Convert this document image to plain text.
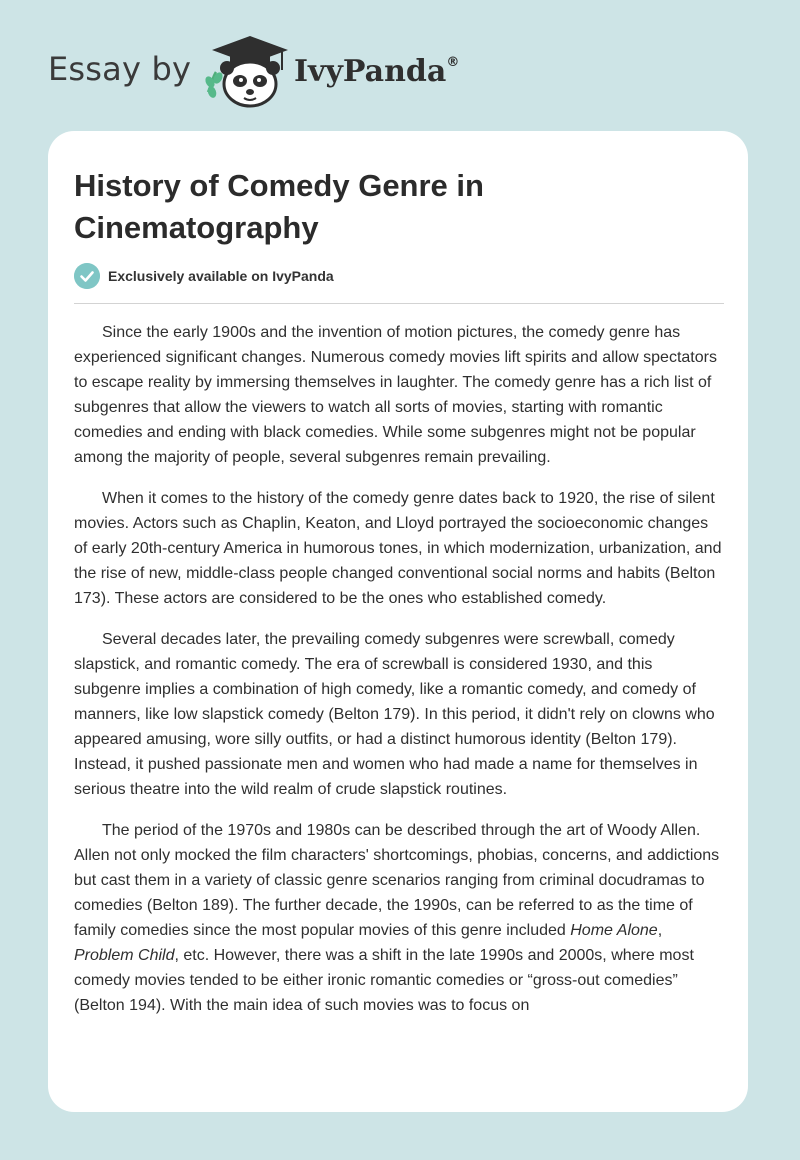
Essay by	IvyPanda®
History of Comedy Genre in Cinematography
Exclusively available on IvyPanda

Since the early 1900s and the invention of motion pictures, the comedy genre has experienced significant changes. Numerous comedy movies lift spirits and allow spectators to escape reality by immersing themselves in laughter. The comedy genre has a rich list of subgenres that allow the viewers to watch all sorts of movies, starting with romantic comedies and ending with black comedies. While some subgenres might not be popular among the majority of people, several subgenres remain prevailing.

When it comes to the history of the comedy genre dates back to 1920, the rise of silent movies. Actors such as Chaplin, Keaton, and Lloyd portrayed the socioeconomic changes of early 20th-century America in humorous tones, in which modernization, urbanization, and the rise of new, middle-class people changed conventional social norms and habits (Belton 173). These actors are considered to be the ones who established comedy.

Several decades later, the prevailing comedy subgenres were screwball, comedy slapstick, and romantic comedy. The era of screwball is considered 1930, and this subgenre implies a combination of high comedy, like a romantic comedy, and comedy of manners, like low slapstick comedy (Belton 179). In this period, it didn't rely on clowns who appeared amusing, wore silly outfits, or had a distinct humorous identity (Belton 179). Instead, it pushed passionate men and women who had made a name for themselves in serious theatre into the wild realm of crude slapstick routines.

The period of the 1970s and 1980s can be described through the art of Woody Allen. Allen not only mocked the film characters' shortcomings, phobias, concerns, and addictions but cast them in a variety of classic genre scenarios ranging from criminal docudramas to comedies (Belton 189). The further decade, the 1990s, can be referred to as the time of family comedies since the most popular movies of this genre included Home Alone, Problem Child, etc. However, there was a shift in the late 1990s and 2000s, where most comedy movies tended to be either ironic romantic comedies or “gross-out comedies” (Belton 194). With the main idea of such movies was to focus on
